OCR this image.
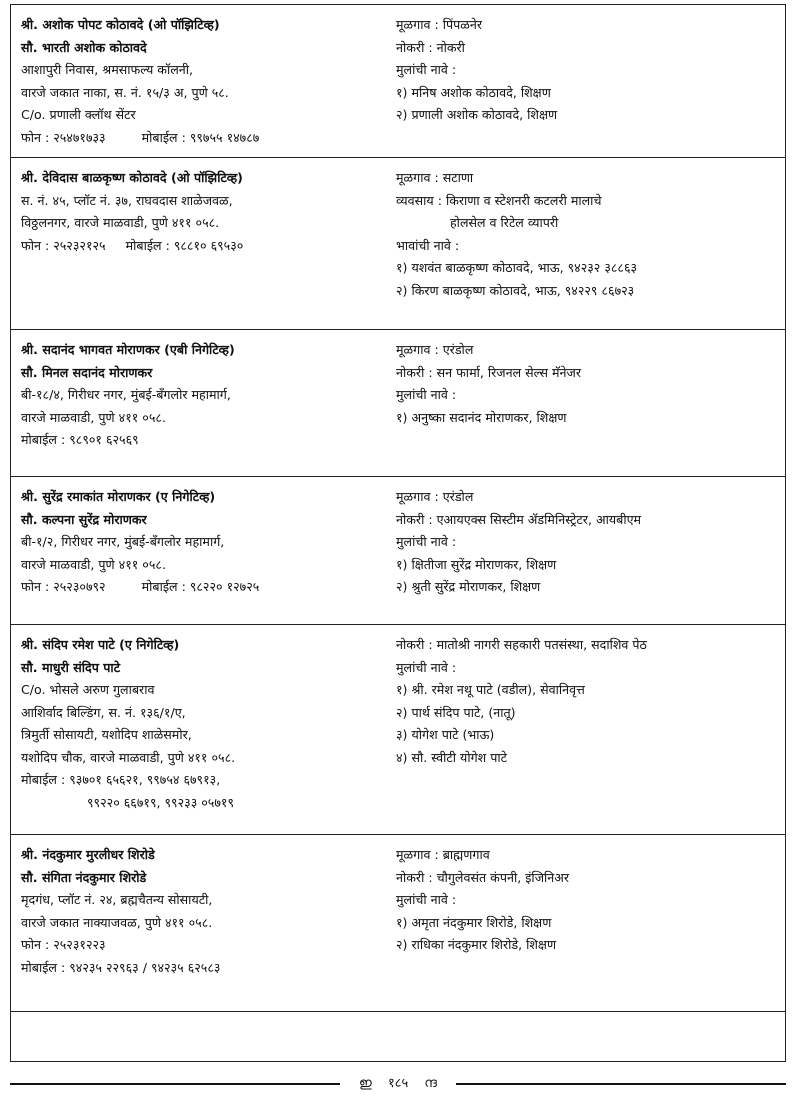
श्री. अशोक पोपट कोठावदे (ओ पॉझिटिव्ह)
सौ. भारती अशोक कोठावदे
आशापुरी निवास, श्रमसाफल्य कॉलनी,
वारजे जकात नाका, स. नं. १५/३ अ, पुणे ५८.
C/o. प्रणाली क्लॉथ सेंटर
फोन : २५४७१७३३	मोबाईल : ९९७५५ १४७८७
मूळगाव : पिंपळनेर
नोकरी : नोकरी
मुलांची नावे :
१) मनिष अशोक कोठावदे, शिक्षण
२) प्रणाली अशोक कोठावदे, शिक्षण
श्री. देविदास बाळकृष्ण कोठावदे (ओ पॉझिटिव्ह)
स. नं. ४५, प्लॉट नं. ३७, राघवदास शाळेजवळ,
विठ्ठलनगर, वारजे माळवाडी, पुणे ४११ ०५८.
फोन : २५२३२१२५ मोबाईल : ९८८१० ६९५३०
मूळगाव : सटाणा
व्यवसाय : किराणा व स्टेशनरी कटलरी मालाचे
होलसेल व रिटेल व्यापरी
भावांची नावे :
१) यशवंत बाळकृष्ण कोठावदे, भाऊ, ९४२३२ ३८८६३
२) किरण बाळकृष्ण कोठावदे, भाऊ, ९४२२९ ८६७२३
श्री. सदानंद भागवत मोराणकर (एबी निगेटिव्ह)
सौ. मिनल सदानंद मोराणकर
बी-१८/४, गिरीधर नगर, मुंबई-बँगलोर महामार्ग,
वारजे माळवाडी, पुणे ४११ ०५८.
मोबाईल : ९८९०१ ६२५६९
मूळगाव : एरंडोल
नोकरी : सन फार्मा, रिजनल सेल्स मॅनेजर
मुलांची नावे :
१) अनुष्का सदानंद मोराणकर, शिक्षण
श्री. सुरेंद्र रमाकांत मोराणकर (ए निगेटिव्ह)
सौ. कल्पना सुरेंद्र मोराणकर
बी-१/२, गिरीधर नगर, मुंबई-बँगलोर महामार्ग,
वारजे माळवाडी, पुणे ४११ ०५८.
फोन : २५२३०७९२	मोबाईल : ९८२२० १२७२५
मूळगाव : एरंडोल
नोकरी : एआयएक्स सिस्टीम ॲडमिनिस्ट्रेटर, आयबीएम
मुलांची नावे :
१) क्षितीजा सुरेंद्र मोराणकर, शिक्षण
२) श्रुती सुरेंद्र मोराणकर, शिक्षण
श्री. संदिप रमेश पाटे (ए निगेटिव्ह)
सौ. माधुरी संदिप पाटे
C/o. भोसले अरुण गुलाबराव
आशिर्वाद बिल्डिंग, स. नं. १३६/१/ए,
त्रिमुर्ती सोसायटी, यशोदिप शाळेसमोर,
यशोदिप चौक, वारजे माळवाडी, पुणे ४११ ०५८.
मोबाईल : ९३७०१ ६५६२१, ९९७५४ ६७९१३,
९९२२० ६६७१९, ९९२३३ ०५७१९
नोकरी : मातोश्री नागरी सहकारी पतसंस्था, सदाशिव पेठ
मुलांची नावे :
१) श्री. रमेश नथू पाटे (वडील), सेवानिवृत्त
२) पार्थ संदिप पाटे, (नातू)
३) योगेश पाटे (भाऊ)
४) सौ. स्वीटी योगेश पाटे
श्री. नंदकुमार मुरलीधर शिरोडे
सौ. संगिता नंदकुमार शिरोडे
मृदगंध, प्लॉट नं. २४, ब्रह्मचैतन्य सोसायटी,
वारजे जकात नाक्याजवळ, पुणे ४११ ०५८.
फोन : २५२३१२२३
मोबाईल : ९४२३५ २२९६३ / ९४२३५ ६२५८३
मूळगाव : ब्राह्मणगाव
नोकरी : चौगुलेवसंत कंपनी, इंजिनिअर
मुलांची नावे :
१) अमृता नंदकुमार शिरोडे, शिक्षण
२) राधिका नंदकुमार शिरोडे, शिक्षण
ഇ १८५ ന്ദ
